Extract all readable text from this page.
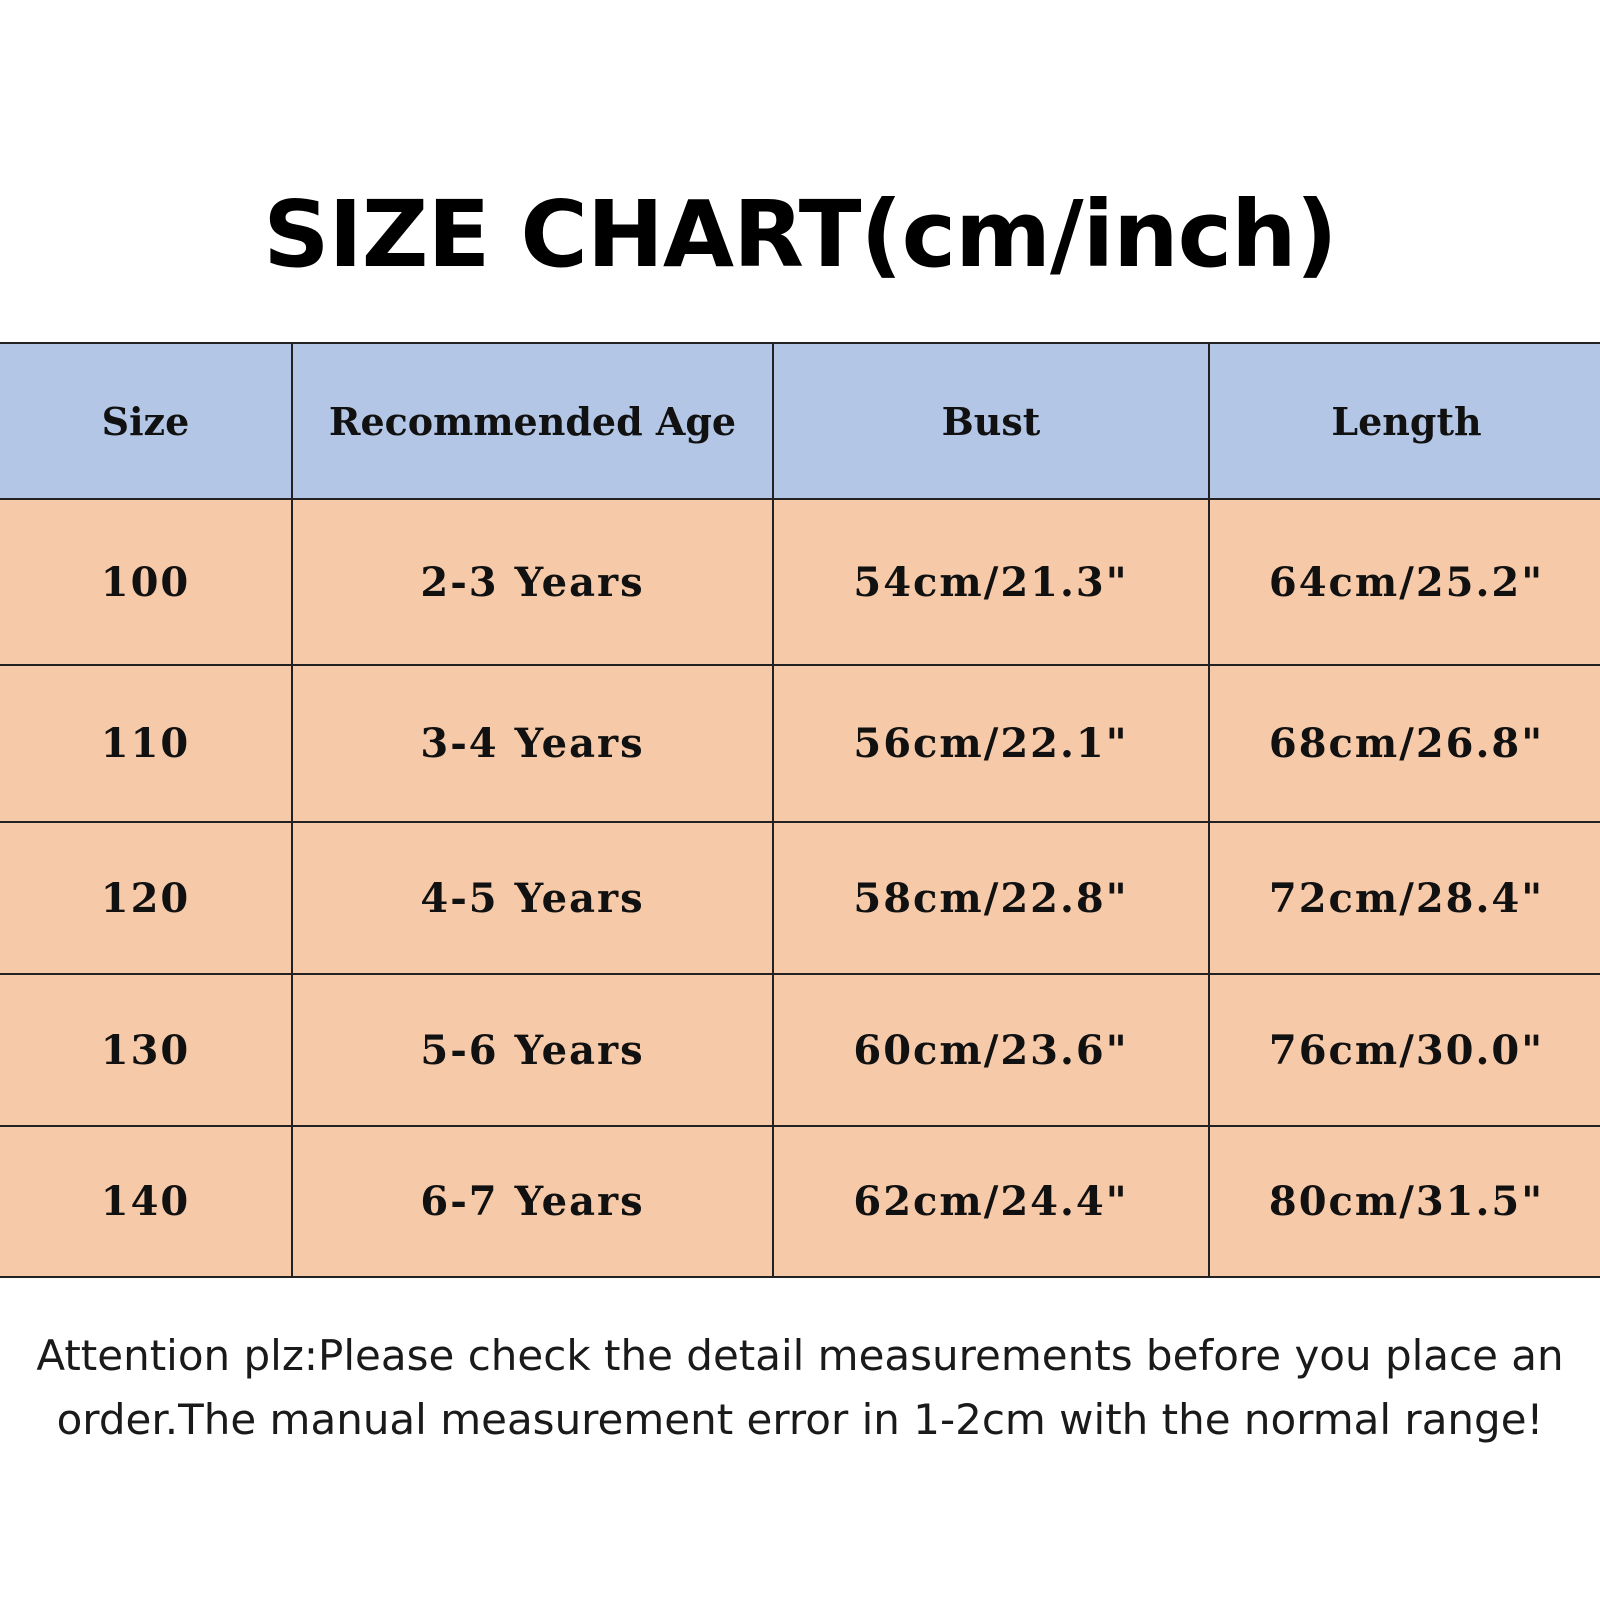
SIZE CHART(cm/inch)
Size	Recommended Age	Bust	Length
100	2-3 Years	54cm/21.3"	64cm/25.2"
110	3-4 Years	56cm/22.1"	68cm/26.8"
120	4-5 Years	58cm/22.8"	72cm/28.4"
130	5-6 Years	60cm/23.6"	76cm/30.0"
140	6-7 Years	62cm/24.4"	80cm/31.5"

Attention plz:Please check the detail measurements before you place an order.The manual measurement error in 1-2cm with the normal range!
